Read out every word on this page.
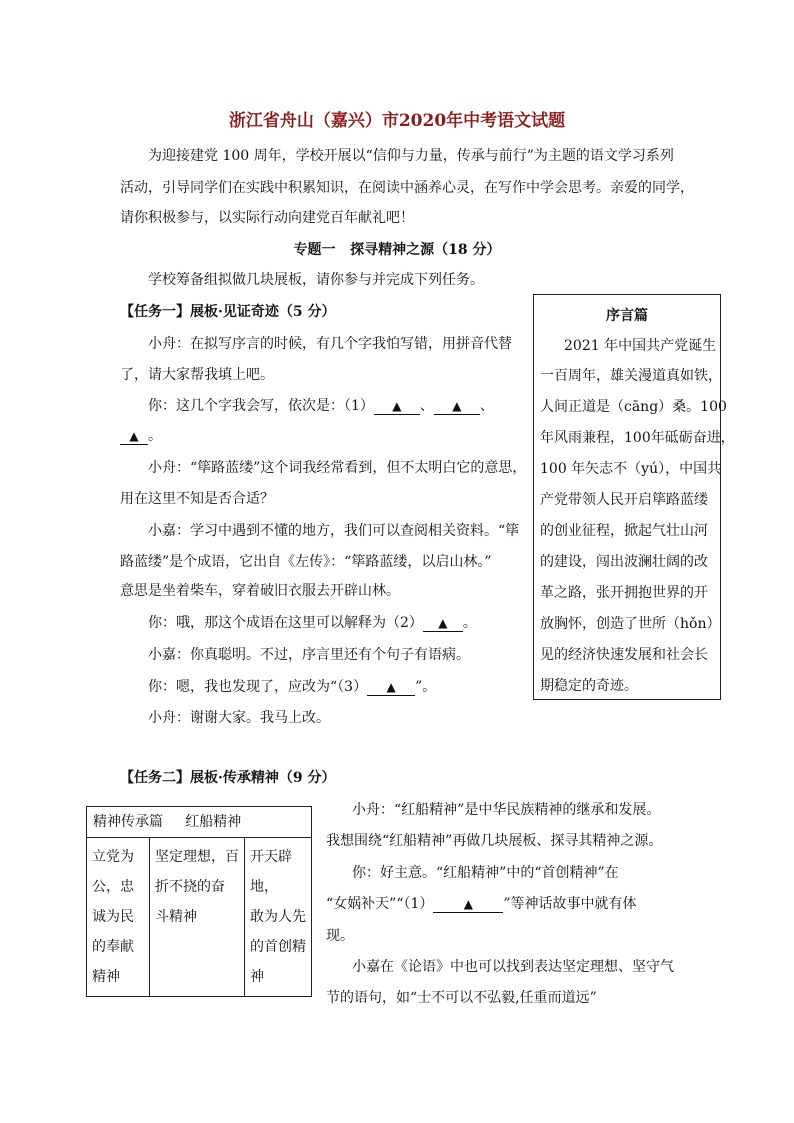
浙江省舟山（嘉兴）市2020年中考语文试题
为迎接建党 100 周年，学校开展以“信仰与力量，传承与前行”为主题的语文学习系列
活动，引导同学们在实践中积累知识，在阅读中涵养心灵，在写作中学会思考。亲爱的同学，
请你积极参与，以实际行动向建党百年献礼吧！
专题一   探寻精神之源（18 分）
学校筹备组拟做几块展板，请你参与并完成下列任务。
【任务一】展板·见证奇迹（5 分）
小舟：在拟写序言的时候，有几个字我怕写错，用拼音代替
了，请大家帮我填上吧。
你：这几个字我会写，依次是：（1） ▲ 、 ▲ 、
▲ 。
小舟：“筚路蓝缕”这个词我经常看到，但不太明白它的意思，
用在这里不知是否合适？
小嘉：学习中遇到不懂的地方，我们可以查阅相关资料。“筚
路蓝缕”是个成语，它出自《左传》：“筚路蓝缕，以启山林。”
意思是坐着柴车，穿着破旧衣服去开辟山林。
你：哦，那这个成语在这里可以解释为（2） ▲ 。
小嘉：你真聪明。不过，序言里还有个句子有语病。
你：嗯，我也发现了，应改为“（3） ▲ ”。
小舟：谢谢大家。我马上改。
序言篇
2021 年中国共产党诞生
一百周年，雄关漫道真如铁，
人间正道是（cāng）桑。100
年风雨兼程，100年砥砺奋进，
100 年矢志不（yú），中国共
产党带领人民开启筚路蓝缕
的创业征程，掀起气壮山河
的建设，闯出波澜壮阔的改
革之路，张开拥抱世界的开
放胸怀，创造了世所（hǒn）
见的经济快速发展和社会长
期稳定的奇迹。
【任务二】展板·传承精神（9 分）
精神传承篇     红船精神

立党为
公，忠
诚为民
的奉献
精神

坚定理想，百
折不挠的奋
斗精神

开天辟地，
敢为人先
的首创精
神
小舟：“红船精神”是中华民族精神的继承和发展。
我想围绕“红船精神”再做几块展板、探寻其精神之源。
你：好主意。“红船精神”中的“首创精神”在
“女娲补天”“（1）	▲ ”等神话故事中就有体
现。
小嘉在《论语》中也可以找到表达坚定理想、坚守气
节的语句，如“士不可以不弘毅,任重而道远”
